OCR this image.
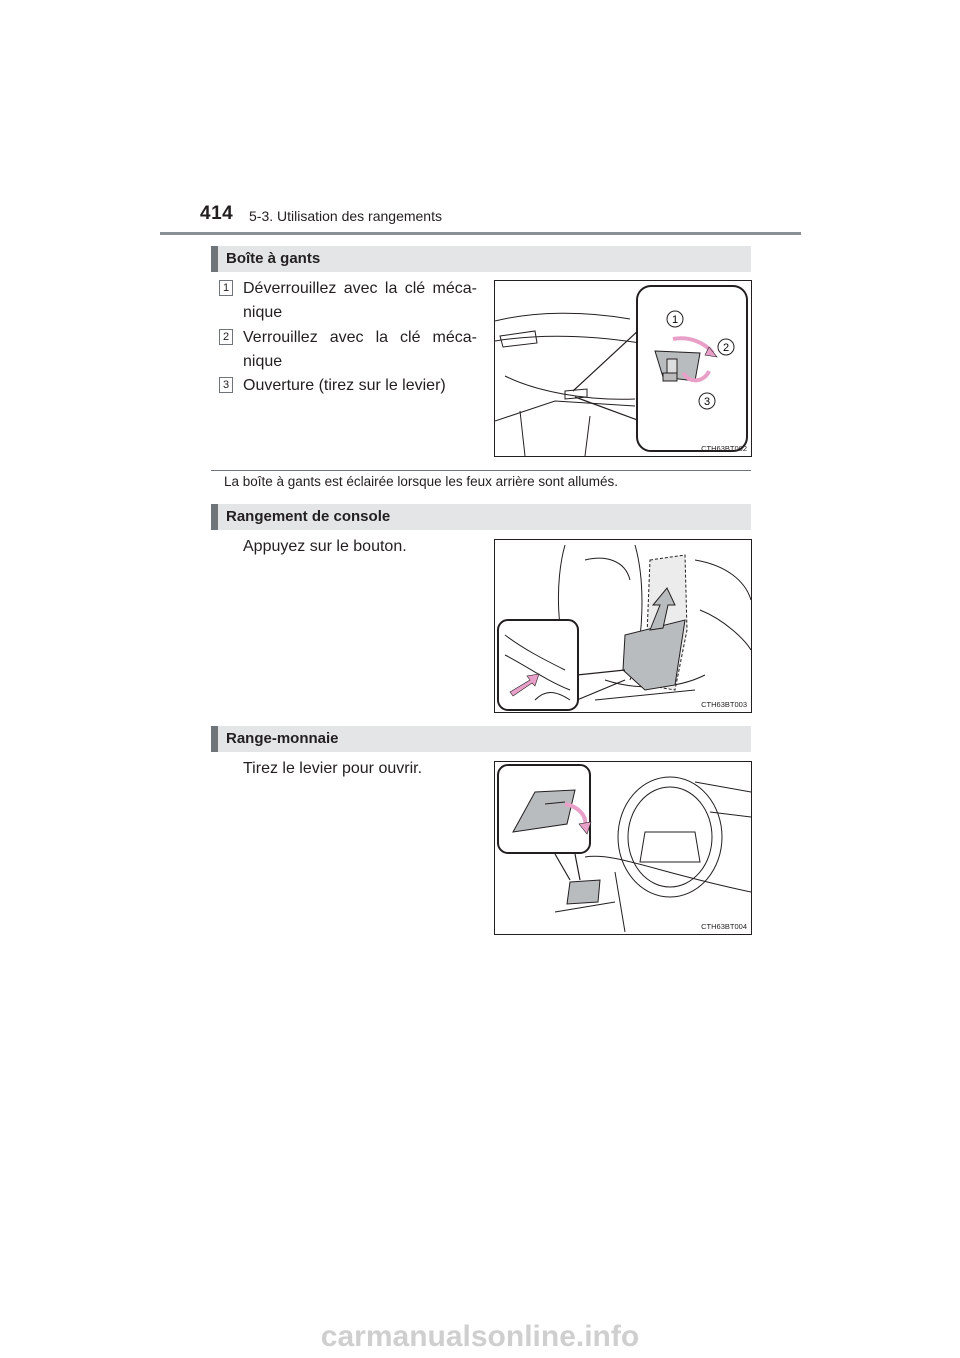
414 5-3. Utilisation des rangements
Boîte à gants
1 Déverrouillez avec la clé méca-nique
2 Verrouillez avec la clé méca-nique
3 Ouverture (tirez sur le levier)
1
2
3
CTH63BT002
La boîte à gants est éclairée lorsque les feux arrière sont allumés.
Rangement de console
Appuyez sur le bouton.
CTH63BT003
Range-monnaie
Tirez le levier pour ouvrir.
CTH63BT004
carmanualsonline.info
